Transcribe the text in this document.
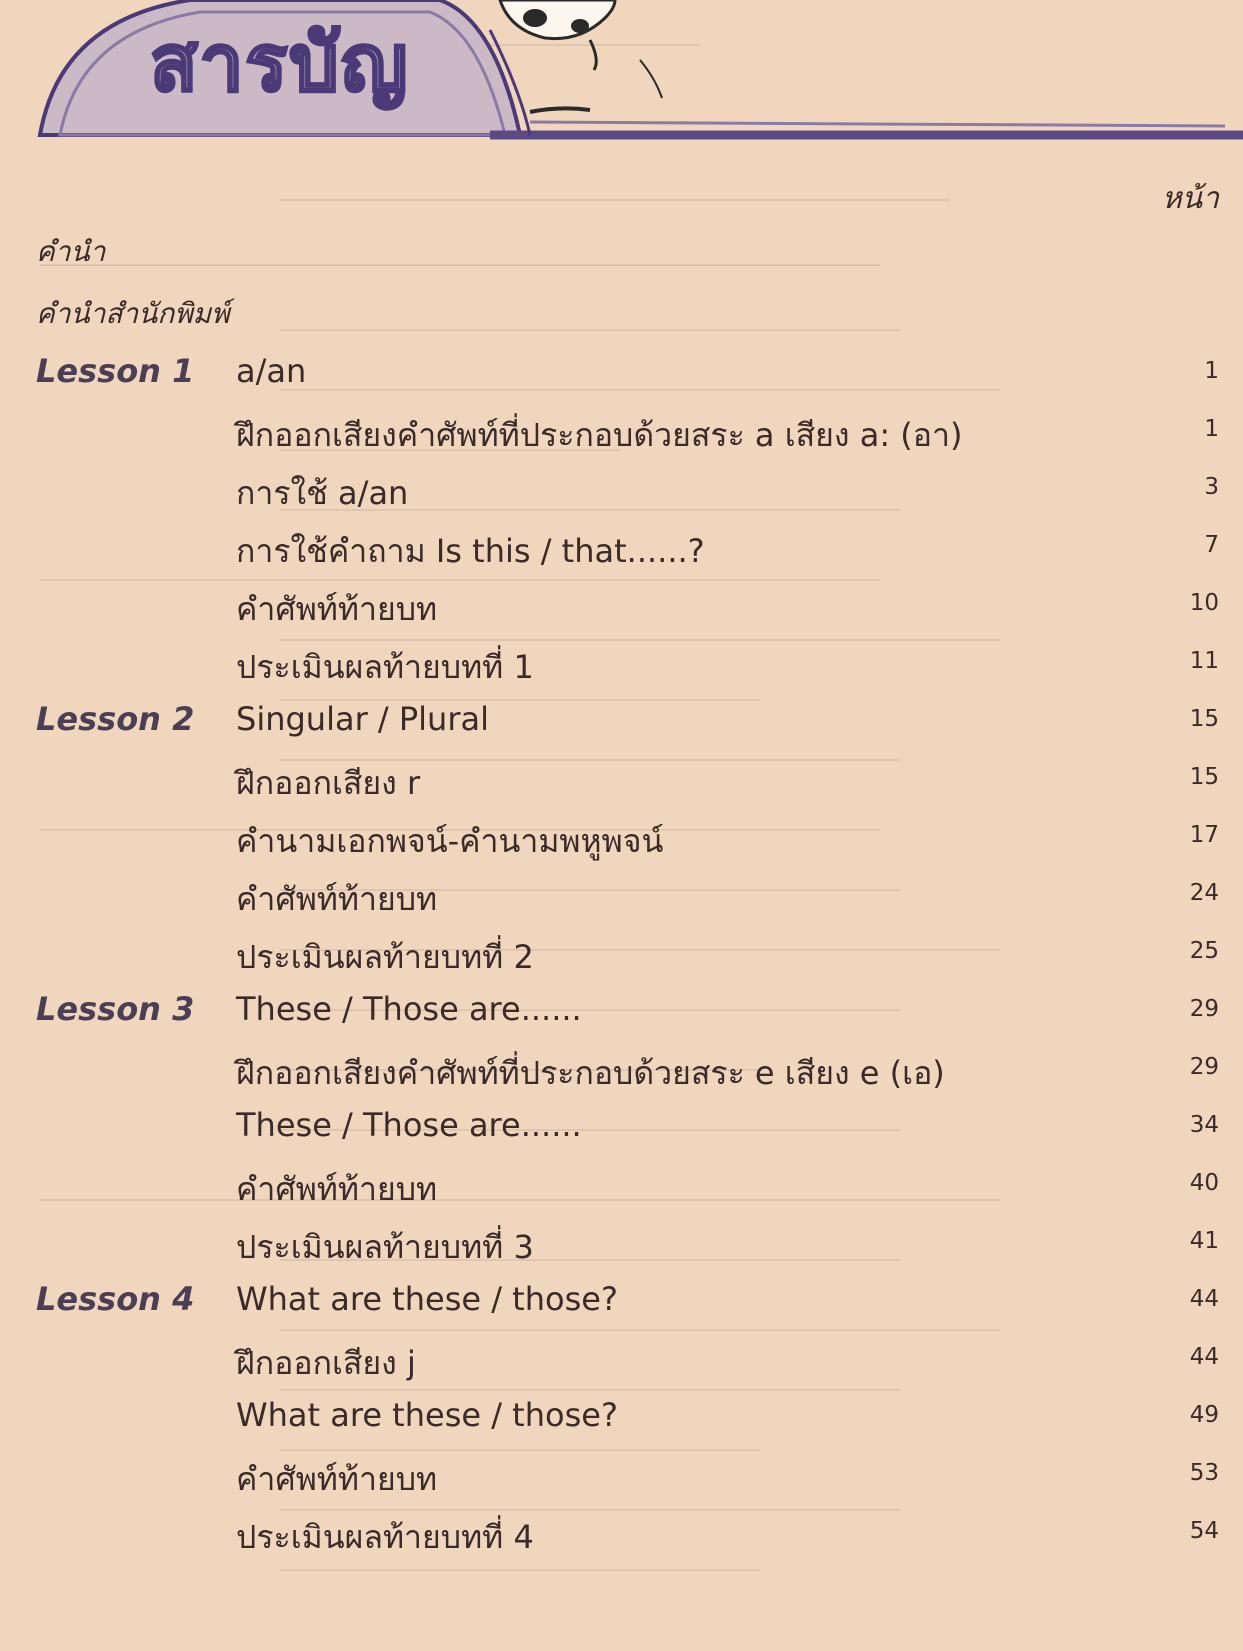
สารบัญ
หน้า
คำนำ
คำนำสำนักพิมพ์
Lesson 1 a/an	1
ฝึกออกเสียงคำศัพท์ที่ประกอบด้วยสระ a เสียง a: (อา)	1
การใช้ a/an	3
การใช้คำถาม Is this / that......?	7
คำศัพท์ท้ายบท	10
ประเมินผลท้ายบทที่ 1	11
Lesson 2 Singular / Plural	15
ฝึกออกเสียง r	15
คำนามเอกพจน์-คำนามพหูพจน์	17
คำศัพท์ท้ายบท	24
ประเมินผลท้ายบทที่ 2	25
Lesson 3 These / Those are......	29
ฝึกออกเสียงคำศัพท์ที่ประกอบด้วยสระ e เสียง e (เอ)	29
These / Those are......	34
คำศัพท์ท้ายบท	40
ประเมินผลท้ายบทที่ 3	41
Lesson 4 What are these / those?	44
ฝึกออกเสียง j	44
What are these / those?	49
คำศัพท์ท้ายบท	53
ประเมินผลท้ายบทที่ 4	54
